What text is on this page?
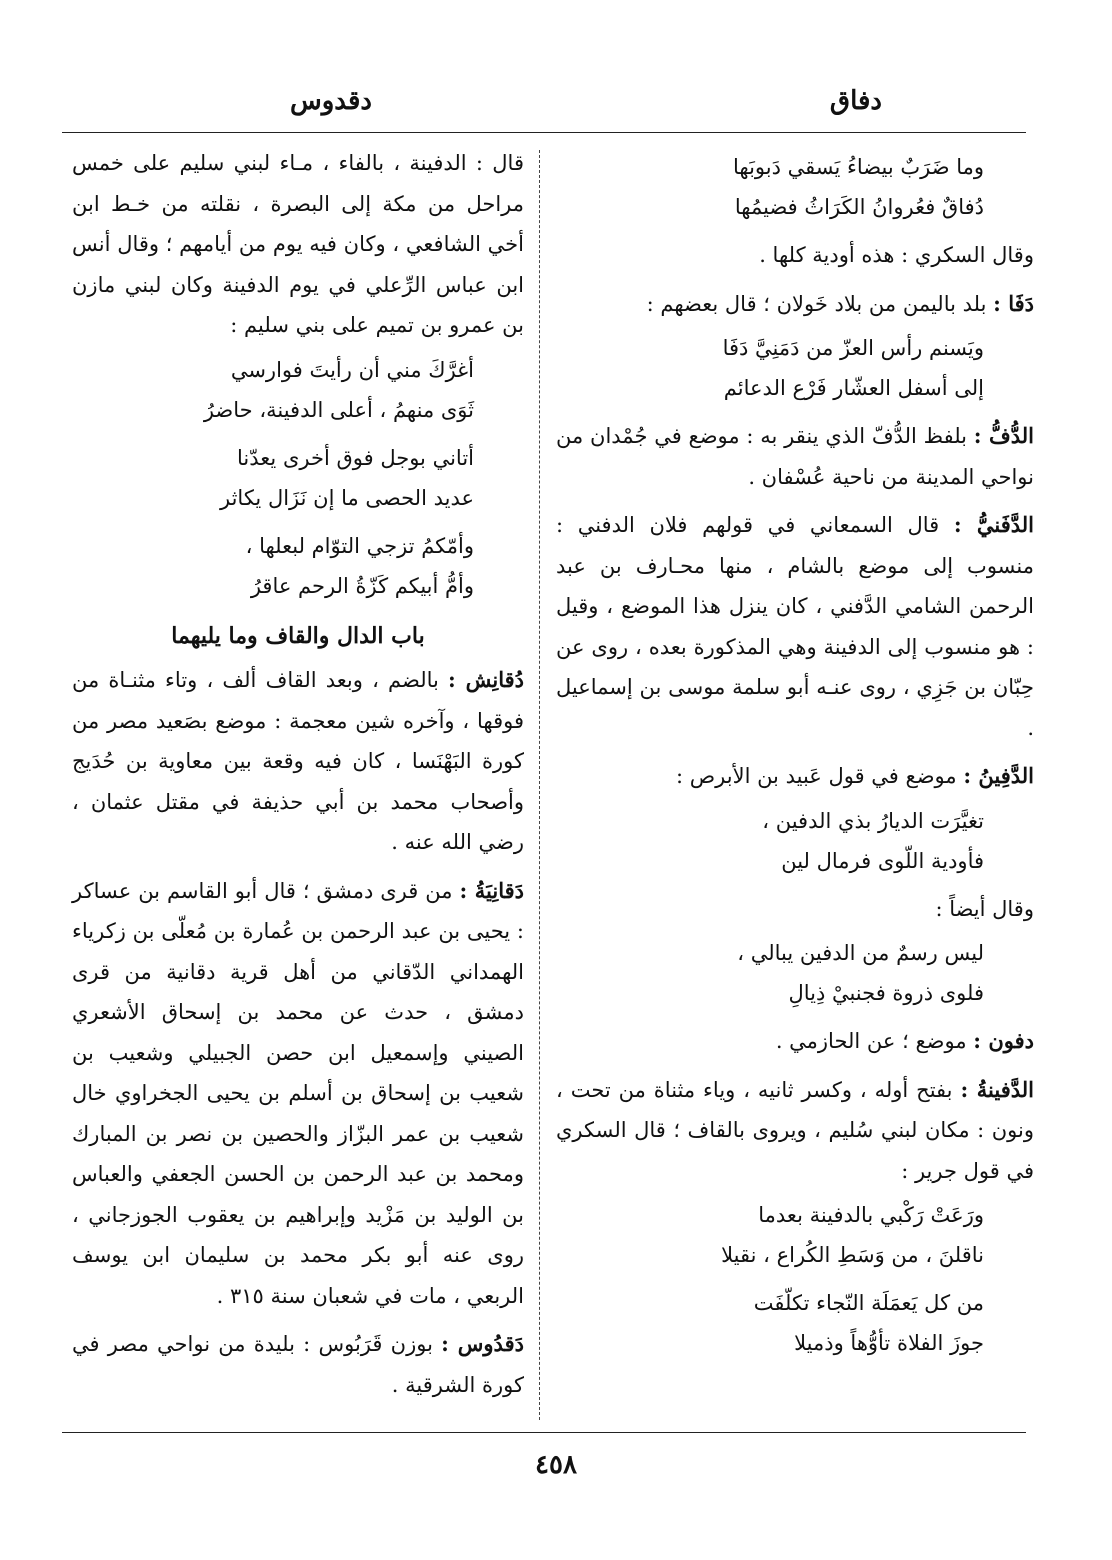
دقدوس	دفاق
وما ضَرَبٌ بيضاءُ يَسقي دَبوبَها
دُفاقٌ فعُروانُ الكَرَاثُ فضيمُها

وقال السكري : هذه أودية كلها .

دَفَا : بلد باليمن من بلاد خَولان ؛ قال بعضهم :

ويَسنم رأس العزّ من دَمَنِيَّ دَفَا
إلى أسفل العشّار فَرْع الدعائم

الدُّفُّ : بلفظ الدُّفّ الذي ينقر به : موضع في جُمْدان من نواحي المدينة من ناحية عُسْفان .

الدَّفَنيُّ : قال السمعاني في قولهم فلان الدفني : منسوب إلى موضع بالشام ، منها محـارف بن عبد الرحمن الشامي الدَّفني ، كان ينزل هذا الموضع ، وقيل : هو منسوب إلى الدفينة وهي المذكورة بعده ، روى عن حِبّان بن جَزِي ، روى عنـه أبو سلمة موسى بن إسماعيل .

الدَّفِينُ : موضع في قول عَبيد بن الأبرص :

تغيَّرَت الديارُ بذي الدفين ،
فأودية اللّوى فرمال لين

وقال أيضاً :

ليس رسمٌ من الدفين يبالي ،
فلوى ذروة فجنبيْ ذِيالِ

دفون : موضع ؛ عن الحازمي .

الدَّفينةُ : بفتح أوله ، وكسر ثانيه ، وياء مثناة من تحت ، ونون : مكان لبني سُليم ، ويروى بالقاف ؛ قال السكري في قول جرير :

ورَعَتْ رَكْبي بالدفينة بعدما
ناقلنَ ، من وَسَطِ الكُراع ، نقيلا
من كل يَعمَلَة النّجاء تكلّفَت
جوزَ الفلاة تأوُّهاً وذميلا

قال : الدفينة ، بالفاء ، مـاء لبني سليم على خمس مراحل من مكة إلى البصرة ، نقلته من خـط ابن أخي الشافعي ، وكان فيه يوم من أيامهم ؛ وقال أنس ابن عباس الرِّعلي في يوم الدفينة وكان لبني مازن بن عمرو بن تميم على بني سليم :

أغرَّكَ مني أن رأيتَ فوارسي
ثَوَى منهمُ ، أعلى الدفينة، حاضرُ
أتاني بوجل فوق أخرى يعدّنا
عديد الحصى ما إن نَزَال يكاثر
وأمّكمُ تزجي التوّام لبعلها ،
وأمُّ أبيكم كَزّةُ الرحم عاقرُ
باب الدال والقاف وما يليهما

دُقانِش : بالضم ، وبعد القاف ألف ، وتاء مثنـاة من فوقها ، وآخره شين معجمة : موضع بصَعيد مصر من كورة البَهْنَسا ، كان فيه وقعة بين معاوية بن حُدَيج وأصحاب محمد بن أبي حذيفة في مقتل عثمان ، رضي الله عنه .

دَقانِيَةُ : من قرى دمشق ؛ قال أبو القاسم بن عساكر : يحيى بن عبد الرحمن بن عُمارة بن مُعلّى بن زكرياء الهمداني الدّقاني من أهل قرية دقانية من قرى دمشق ، حدث عن محمد بن إسحاق الأشعري الصيني وإسمعيل ابن حصن الجبيلي وشعيب بن شعيب بن إسحاق بن أسلم بن يحيى الجخراوي خال شعيب بن عمر البزّاز والحصين بن نصر بن المبارك ومحمد بن عبد الرحمن بن الحسن الجعفي والعباس بن الوليد بن مَزْيد وإبراهيم بن يعقوب الجوزجاني ، روى عنه أبو بكر محمد بن سليمان ابن يوسف الربعي ، مات في شعبان سنة ٣١٥ .

دَقدُوس : بوزن قَرَبُوس : بليدة من نواحي مصر في كورة الشرقية .

٤٥٨
